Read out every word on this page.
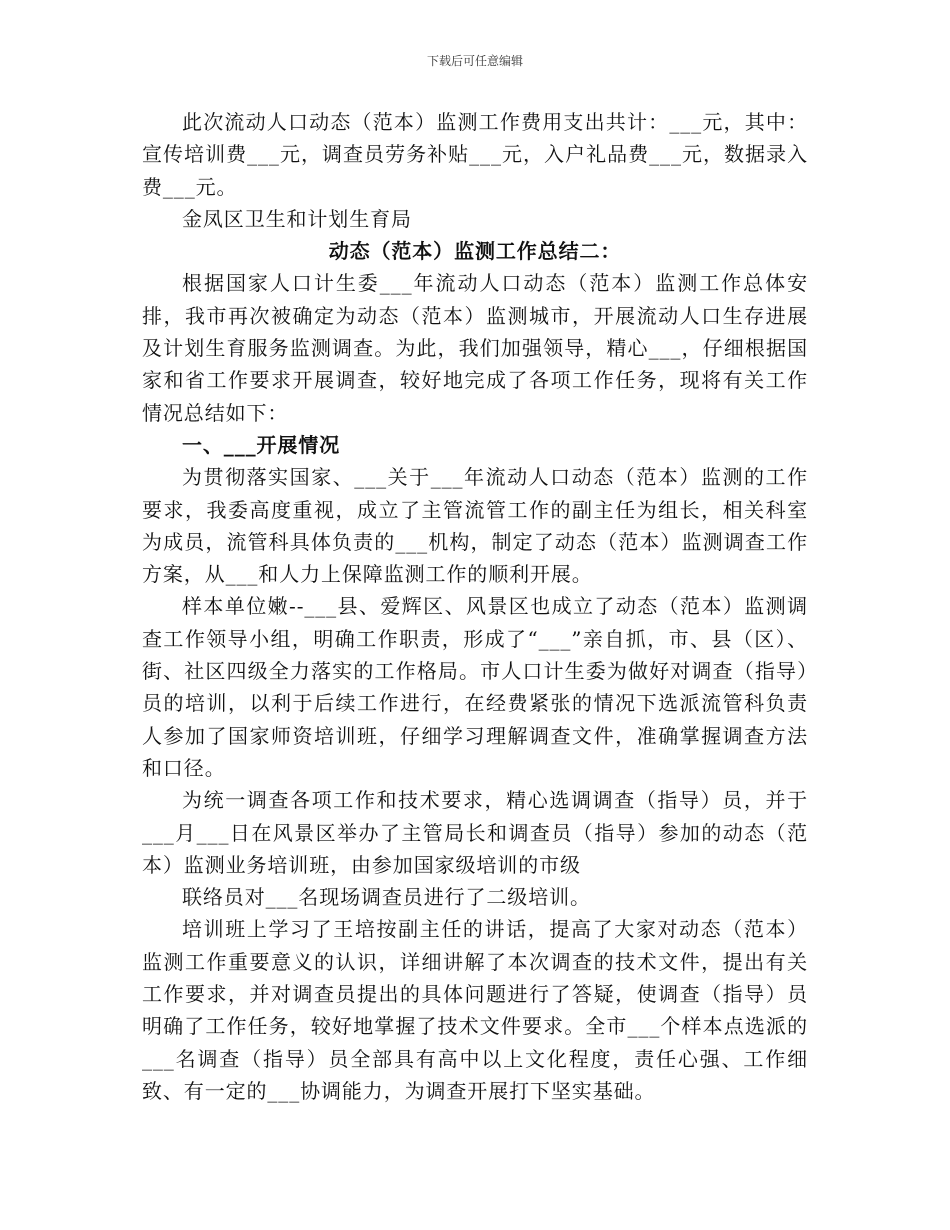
下载后可任意编辑

此次流动人口动态（范本）监测工作费用支出共计：___元，其中：宣传培训费___元，调查员劳务补贴___元，入户礼品费___元，数据录入费___元。

金凤区卫生和计划生育局

动态（范本）监测工作总结二：

根据国家人口计生委___年流动人口动态（范本）监测工作总体安排，我市再次被确定为动态（范本）监测城市，开展流动人口生存进展及计划生育服务监测调查。为此，我们加强领导，精心___，仔细根据国家和省工作要求开展调查，较好地完成了各项工作任务，现将有关工作情况总结如下：

一、___开展情况

为贯彻落实国家、___关于___年流动人口动态（范本）监测的工作要求，我委高度重视，成立了主管流管工作的副主任为组长，相关科室为成员，流管科具体负责的___机构，制定了动态（范本）监测调查工作方案，从___和人力上保障监测工作的顺利开展。

样本单位嫩--___县、爱辉区、风景区也成立了动态（范本）监测调查工作领导小组，明确工作职责，形成了“___”亲自抓，市、县（区）、街、社区四级全力落实的工作格局。市人口计生委为做好对调查（指导）员的培训，以利于后续工作进行，在经费紧张的情况下选派流管科负责人参加了国家师资培训班，仔细学习理解调查文件，准确掌握调查方法和口径。

为统一调查各项工作和技术要求，精心选调调查（指导）员，并于___月___日在风景区举办了主管局长和调查员（指导）参加的动态（范本）监测业务培训班，由参加国家级培训的市级

联络员对___名现场调查员进行了二级培训。

培训班上学习了王培按副主任的讲话，提高了大家对动态（范本）监测工作重要意义的认识，详细讲解了本次调查的技术文件，提出有关工作要求，并对调查员提出的具体问题进行了答疑，使调查（指导）员明确了工作任务，较好地掌握了技术文件要求。全市___个样本点选派的___名调查（指导）员全部具有高中以上文化程度，责任心强、工作细致、有一定的___协调能力，为调查开展打下坚实基础。
